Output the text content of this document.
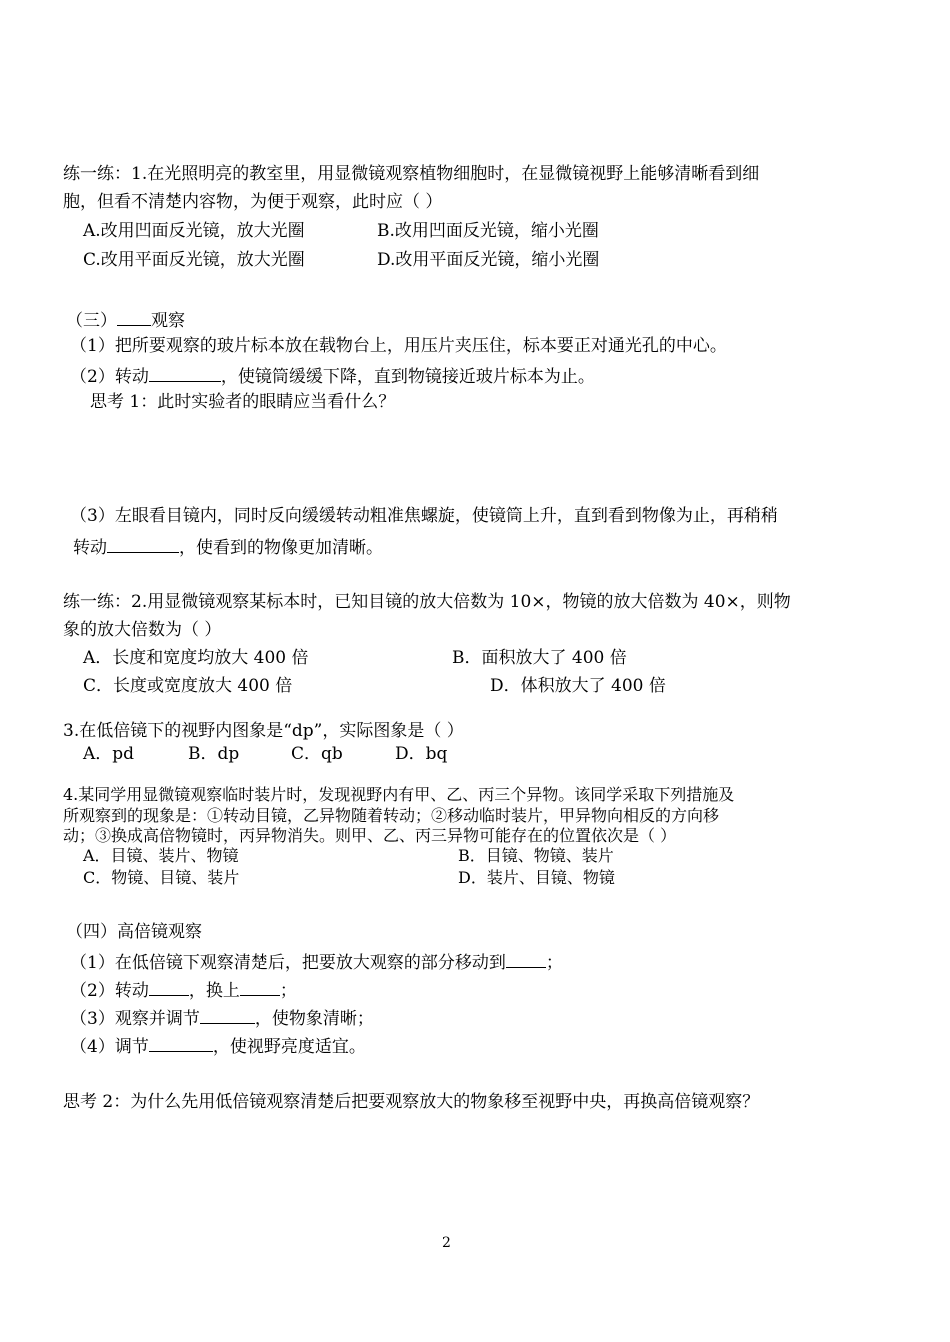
练一练：1.在光照明亮的教室里，用显微镜观察植物细胞时，在显微镜视野上能够清晰看到细
胞，但看不清楚内容物，为便于观察，此时应（ ）
A.改用凹面反光镜，放大光圈	B.改用凹面反光镜，缩小光圈
C.改用平面反光镜，放大光圈	D.改用平面反光镜，缩小光圈
（三） 观察
（1）把所要观察的玻片标本放在载物台上，用压片夹压住，标本要正对通光孔的中心。
（2）转动	，使镜筒缓缓下降，直到物镜接近玻片标本为止。
思考 1：此时实验者的眼睛应当看什么？
（3）左眼看目镜内，同时反向缓缓转动粗准焦螺旋，使镜筒上升，直到看到物像为止，再稍稍
转动	，使看到的物像更加清晰。
练一练：2.用显微镜观察某标本时，已知目镜的放大倍数为 10×，物镜的放大倍数为 40×，则物
象的放大倍数为（ ）
A．长度和宽度均放大 400 倍	B．面积放大了 400 倍
C．长度或宽度放大 400 倍	D．体积放大了 400 倍
3.在低倍镜下的视野内图象是“dp”，实际图象是（ ）
A．pd	B．dp	C．qb	D．bq
4.某同学用显微镜观察临时装片时，发现视野内有甲、乙、丙三个异物。该同学采取下列措施及
所观察到的现象是：①转动目镜，乙异物随着转动；②移动临时装片，甲异物向相反的方向移
动；③换成高倍物镜时，丙异物消失。则甲、乙、丙三异物可能存在的位置依次是（ ）
A．目镜、装片、物镜	B．目镜、物镜、装片
C．物镜、目镜、装片	D．装片、目镜、物镜
（四）高倍镜观察
（1）在低倍镜下观察清楚后，把要放大观察的部分移动到 ；
（2）转动 ，换上 ；
（3）观察并调节	，使物象清晰；
（4）调节	，使视野亮度适宜。
思考 2：为什么先用低倍镜观察清楚后把要观察放大的物象移至视野中央，再换高倍镜观察？
2
